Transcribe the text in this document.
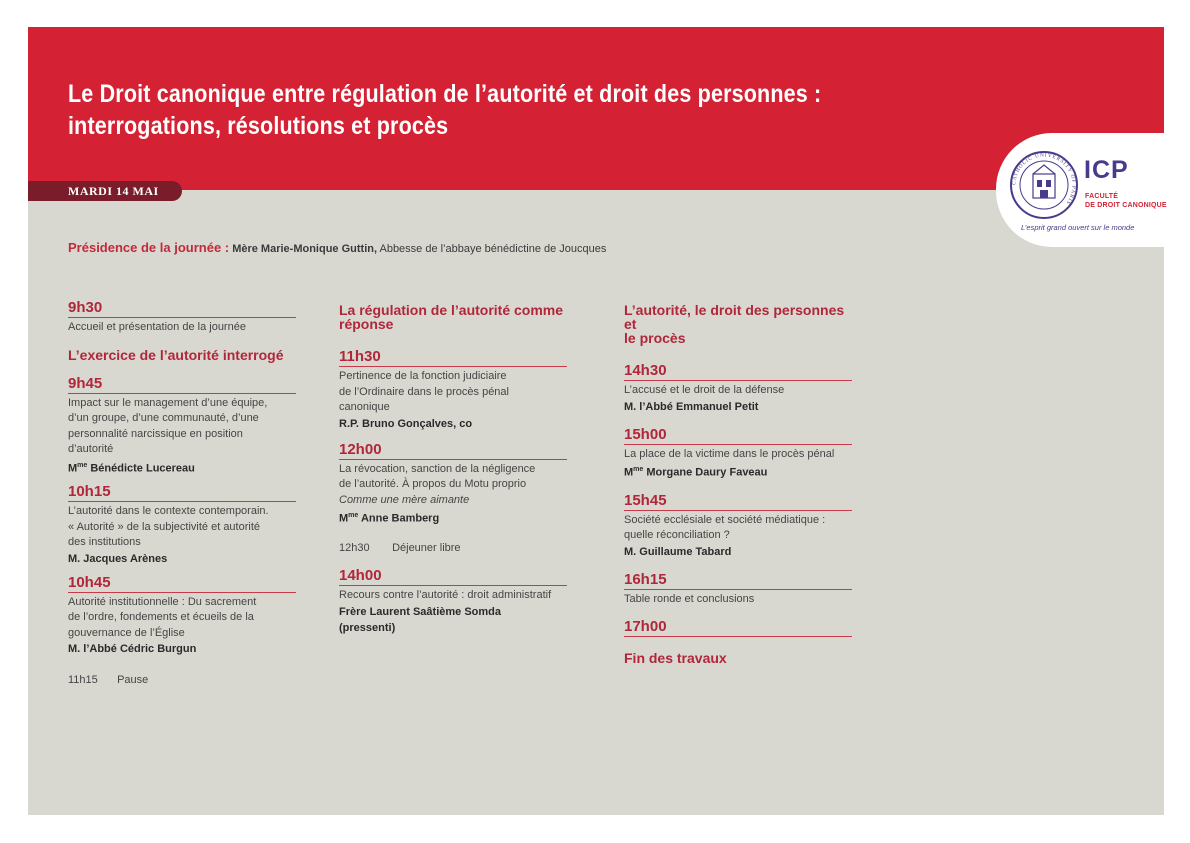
Le Droit canonique entre régulation de l’autorité et droit des personnes :
interrogations, résolutions et procès
MARDI 14 MAI
CATHOLIC UNIVERSITY OF PARIS
ICP
FACULTÉ
DE DROIT CANONIQUE
L’esprit grand ouvert sur le monde
Présidence de la journée : Mère Marie-Monique Guttin, Abbesse de l’abbaye bénédictine de Joucques
9h30
Accueil et présentation de la journée
L’exercice de l’autorité interrogé
9h45
Impact sur le management d’une équipe,
d’un groupe, d’une communauté, d’une
personnalité narcissique en position
d’autorité
$M^{me}$ Bénédicte Lucereau
10h15
L’autorité dans le contexte contemporain.
« Autorité » de la subjectivité et autorité
des institutions
M. Jacques Arènes
10h45
Autorité institutionnelle : Du sacrement
de l’ordre, fondements et écueils de la
gouvernance de l’Église
M. l’Abbé Cédric Burgun
11h15 Pause
La régulation de l’autorité comme
réponse
11h30
Pertinence de la fonction judiciaire
de l’Ordinaire dans le procès pénal
canonique
R.P. Bruno Gonçalves, co
12h00
La révocation, sanction de la négligence
de l’autorité. À propos du Motu proprio
Comme une mère aimante
$M^{me}$ Anne Bamberg
12h30 Déjeuner libre
14h00
Recours contre l’autorité : droit administratif
Frère Laurent Saâtième Somda
(pressenti)
L’autorité, le droit des personnes et
le procès
14h30
L’accusé et le droit de la défense
M. l’Abbé Emmanuel Petit
15h00
La place de la victime dans le procès pénal
$M^{me}$ Morgane Daury Faveau
15h45
Société ecclésiale et société médiatique :
quelle réconciliation ?
M. Guillaume Tabard
16h15
Table ronde et conclusions
17h00
Fin des travaux
